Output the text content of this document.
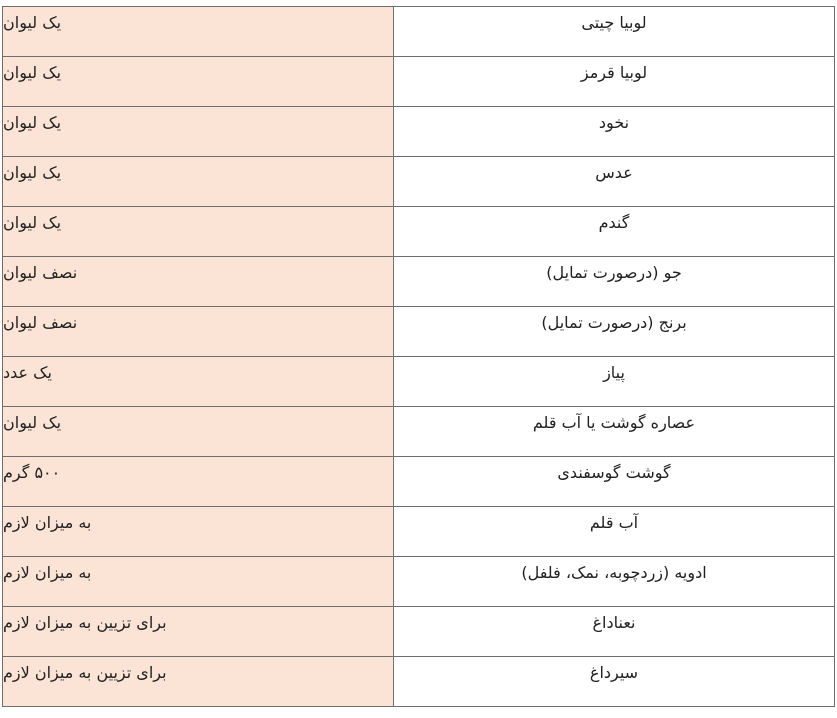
لوبیا چیتی
یک لیوان
لوبیا قرمز
یک لیوان
نخود
یک لیوان
عدس
یک لیوان
گندم
یک لیوان
جو (درصورت تمایل)
نصف لیوان
برنج (درصورت تمایل)
نصف لیوان
پیاز
یک عدد
عصاره گوشت یا آب قلم
یک لیوان
گوشت گوسفندی
۵۰۰ گرم
آب قلم
به میزان لازم
ادویه (زردچوبه، نمک، فلفل)
به میزان لازم
نعناداغ
برای تزیین به میزان لازم
سیرداغ
برای تزیین به میزان لازم
